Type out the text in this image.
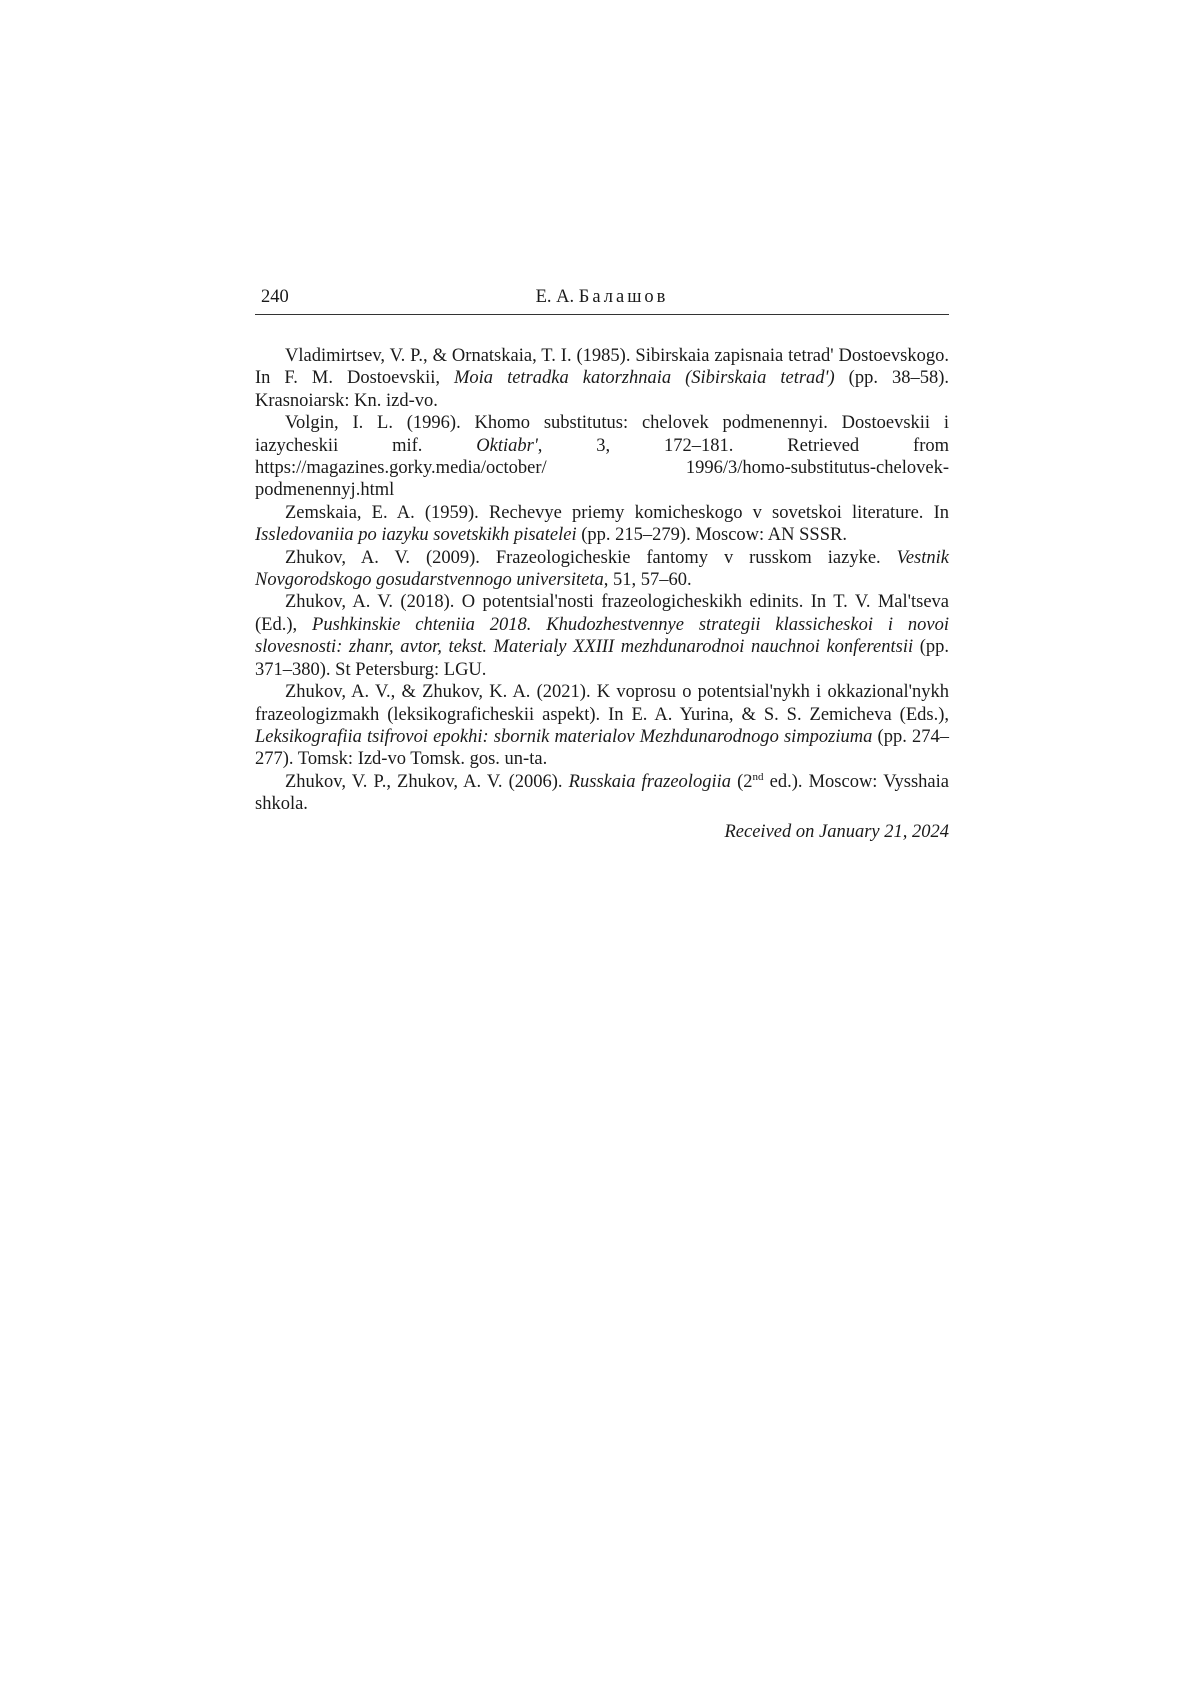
240	Е. А. Балашов

Vladimirtsev, V. P., & Ornatskaia, T. I. (1985). Sibirskaia zapisnaia tetrad' Dostoevskogo. In F. M. Dostoevskii, Moia tetradka katorzhnaia (Sibirskaia tetrad') (pp. 38–58). Krasnoiarsk: Kn. izd-vo.

Volgin, I. L. (1996). Khomo substitutus: chelovek podmenennyi. Dostoevskii i iazycheskii mif. Oktiabr', 3, 172–181. Retrieved from https://magazines.gorky.media/october/ 1996/3/homo-substitutus-chelovek-podmenennyj.html

Zemskaia, E. A. (1959). Rechevye priemy komicheskogo v sovetskoi literature. In Issledovaniia po iazyku sovetskikh pisatelei (pp. 215–279). Moscow: AN SSSR.

Zhukov, A. V. (2009). Frazeologicheskie fantomy v russkom iazyke. Vestnik Novgorodskogo gosudarstvennogo universiteta, 51, 57–60.

Zhukov, A. V. (2018). O potentsial'nosti frazeologicheskikh edinits. In T. V. Mal'tseva (Ed.), Pushkinskie chteniia 2018. Khudozhestvennye strategii klassicheskoi i novoi slovesnosti: zhanr, avtor, tekst. Materialy XXIII mezhdunarodnoi nauchnoi konferentsii (pp. 371–380). St Petersburg: LGU.

Zhukov, A. V., & Zhukov, K. A. (2021). K voprosu o potentsial'nykh i okkazional'nykh frazeologizmakh (leksikograficheskii aspekt). In E. A. Yurina, & S. S. Zemicheva (Eds.), Leksikografiia tsifrovoi epokhi: sbornik materialov Mezhdunarodnogo simpoziuma (pp. 274–277). Tomsk: Izd-vo Tomsk. gos. un-ta.

Zhukov, V. P., Zhukov, A. V. (2006). Russkaia frazeologiia (2nd ed.). Moscow: Vysshaia shkola.

Received on January 21, 2024
